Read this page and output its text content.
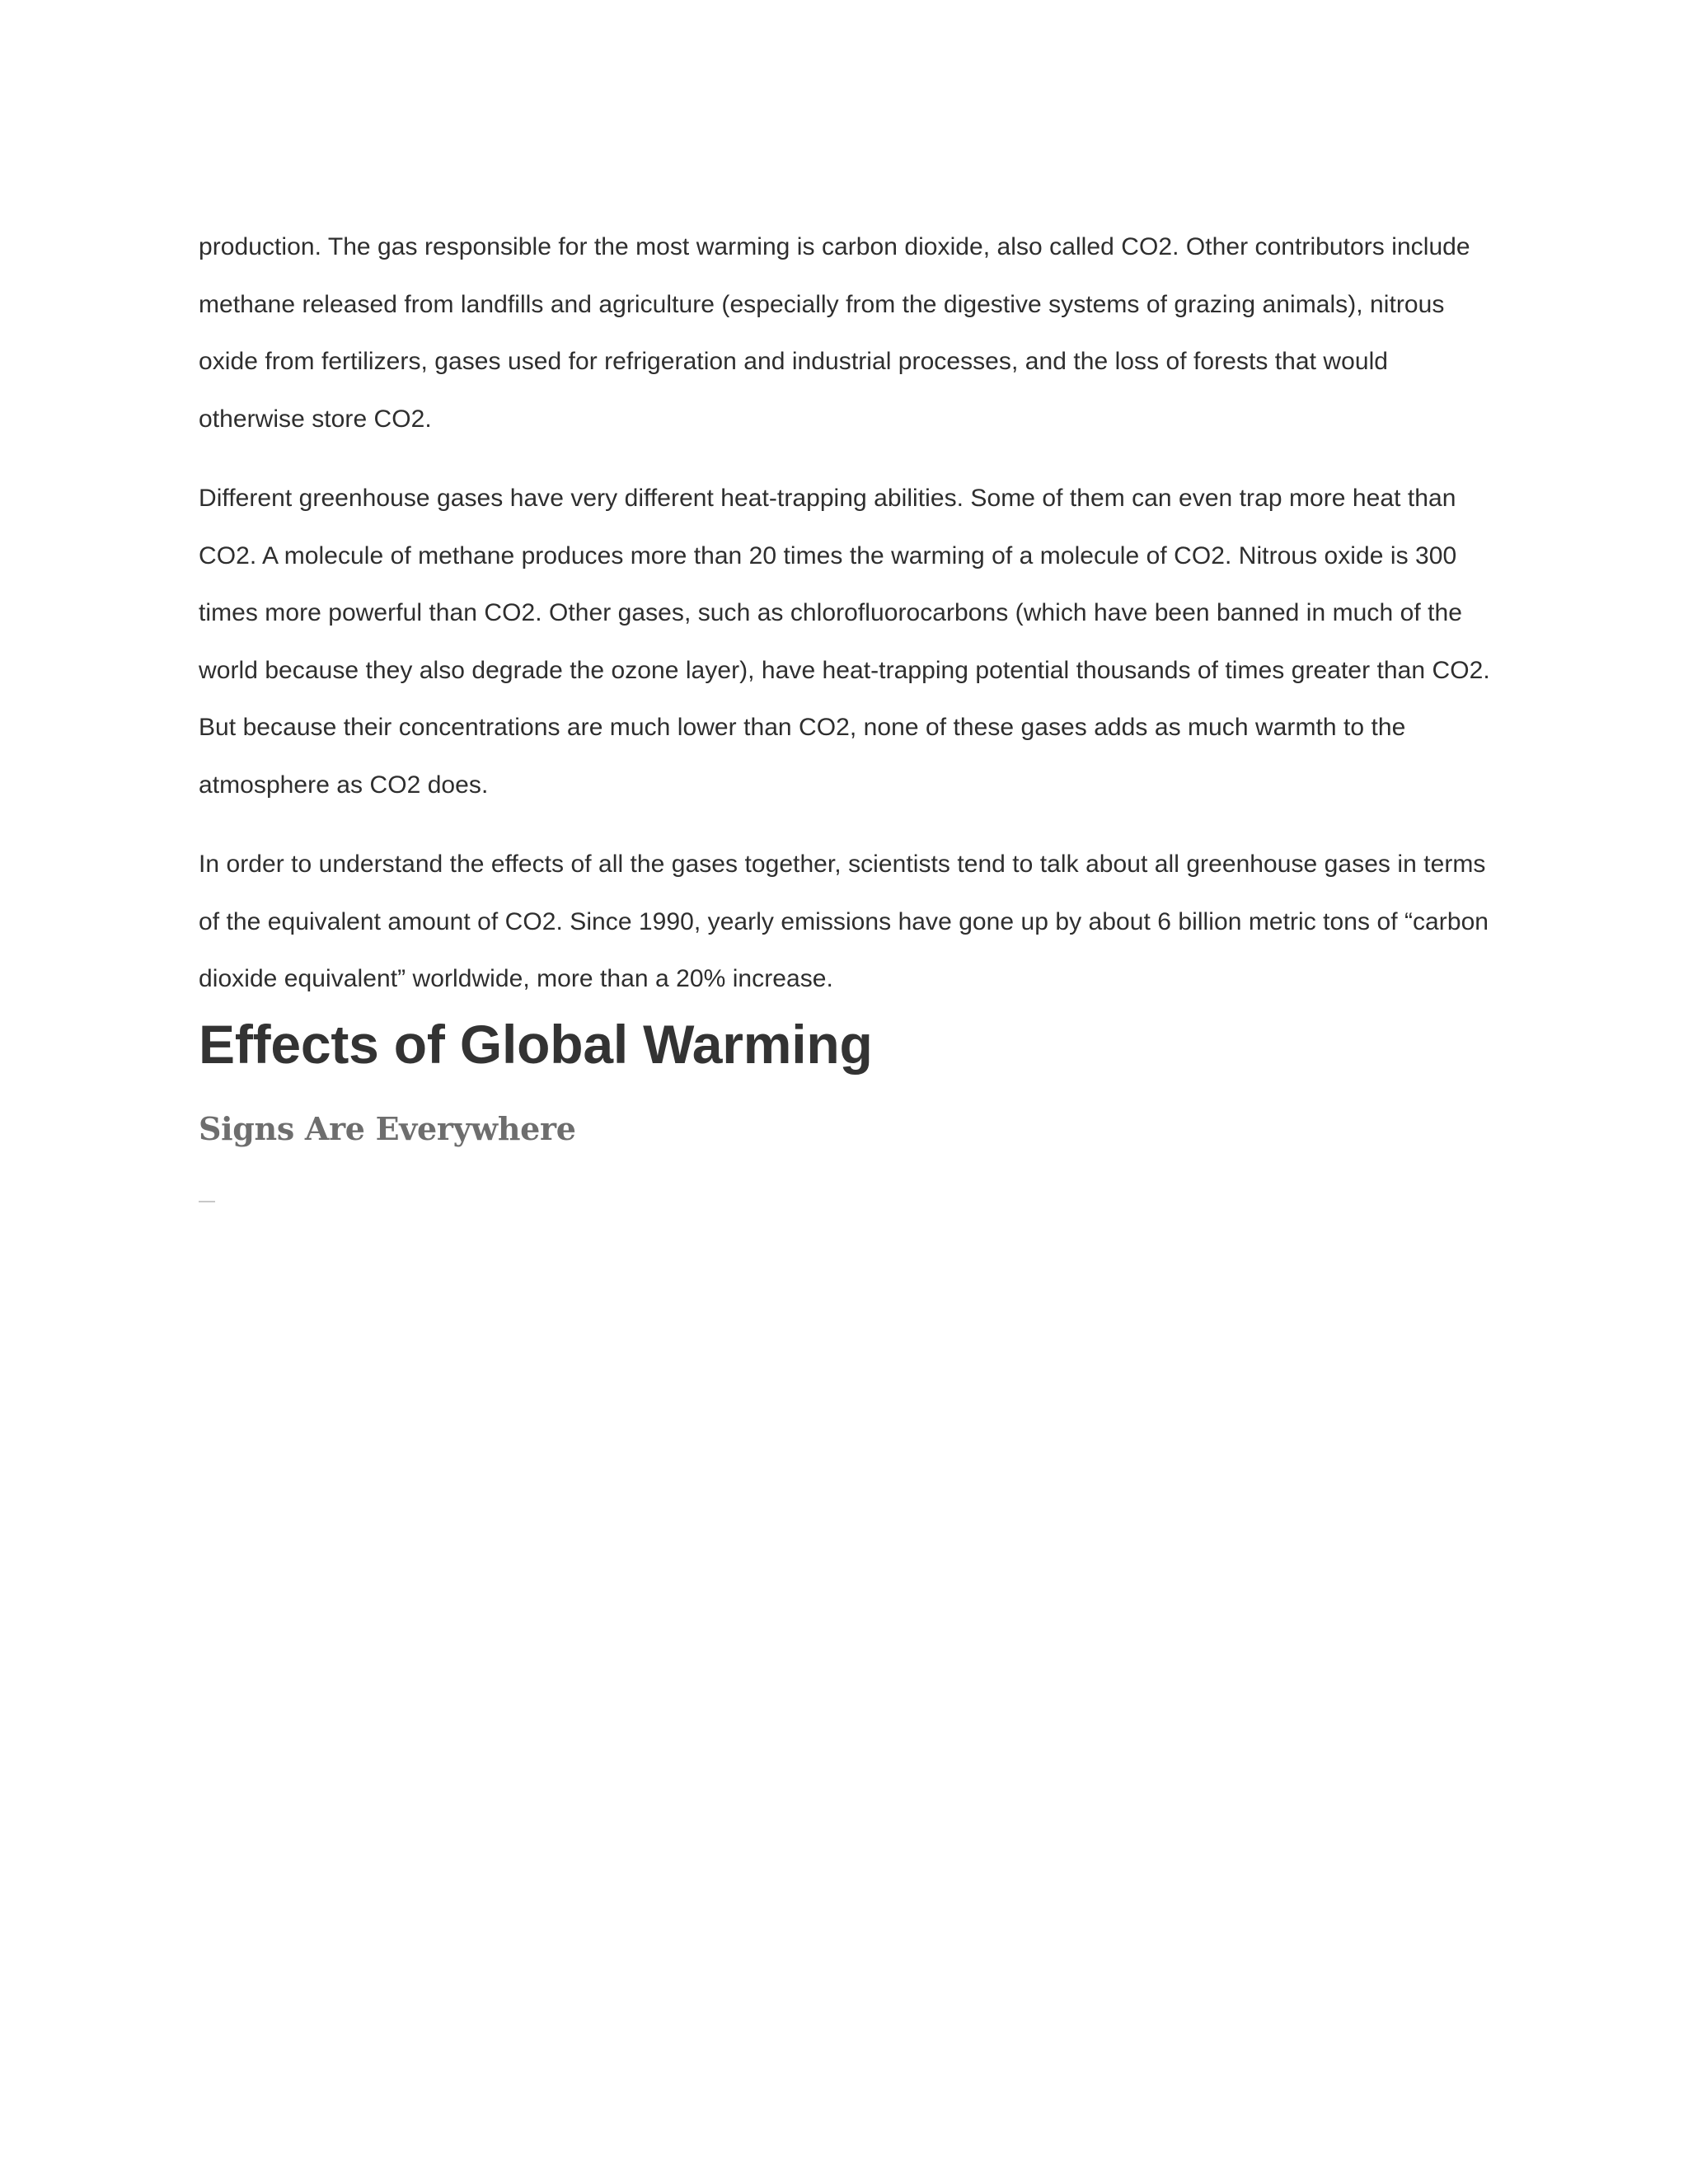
production. The gas responsible for the most warming is carbon dioxide, also called CO2. Other contributors include methane released from landfills and agriculture (especially from the digestive systems of grazing animals), nitrous oxide from fertilizers, gases used for refrigeration and industrial processes, and the loss of forests that would otherwise store CO2.

Different greenhouse gases have very different heat-trapping abilities. Some of them can even trap more heat than CO2. A molecule of methane produces more than 20 times the warming of a molecule of CO2. Nitrous oxide is 300 times more powerful than CO2. Other gases, such as chlorofluorocarbons (which have been banned in much of the world because they also degrade the ozone layer), have heat-trapping potential thousands of times greater than CO2. But because their concentrations are much lower than CO2, none of these gases adds as much warmth to the atmosphere as CO2 does.

In order to understand the effects of all the gases together, scientists tend to talk about all greenhouse gases in terms of the equivalent amount of CO2. Since 1990, yearly emissions have gone up by about 6 billion metric tons of “carbon dioxide equivalent” worldwide, more than a 20% increase.

Effects of Global Warming
Signs Are Everywhere
